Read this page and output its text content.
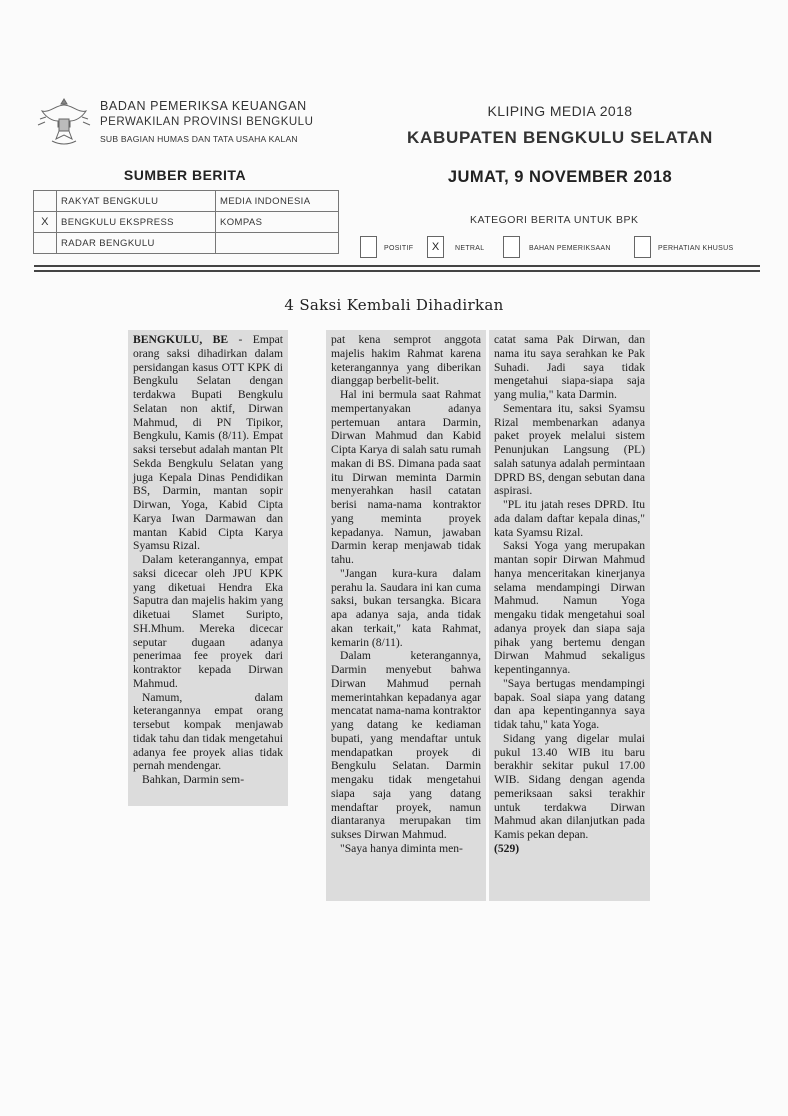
BADAN PEMERIKSA KEUANGAN
PERWAKILAN PROVINSI BENGKULU
SUB BAGIAN HUMAS DAN TATA USAHA KALAN
KLIPING MEDIA 2018
KABUPATEN BENGKULU SELATAN
JUMAT, 9 NOVEMBER 2018
SUMBER BERITA
	RAKYAT BENGKULU	MEDIA INDONESIA
X	BENGKULU EKSPRESS	KOMPAS
	RADAR BENGKULU	
KATEGORI BERITA UNTUK BPK
POSITIF	X	NETRAL	BAHAN PEMERIKSAAN	PERHATIAN KHUSUS
4 Saksi Kembali Dihadirkan

BENGKULU, BE - Empat orang saksi dihadirkan dalam persidangan kasus OTT KPK di Bengkulu Selatan dengan terdakwa Bupati Bengkulu Selatan non aktif, Dirwan Mahmud, di PN Tipikor, Bengkulu, Kamis (8/11). Empat saksi tersebut adalah mantan Plt Sekda Bengkulu Selatan yang juga Kepala Dinas Pendidikan BS, Darmin, mantan sopir Dirwan, Yoga, Kabid Cipta Karya Iwan Darmawan dan mantan Kabid Cipta Karya Syamsu Rizal.

Dalam keterangannya, empat saksi dicecar oleh JPU KPK yang diketuai Hendra Eka Saputra dan majelis hakim yang diketuai Slamet Suripto, SH.Mhum. Mereka dicecar seputar dugaan adanya penerimaa fee proyek dari kontraktor kepada Dirwan Mahmud.

Namum, dalam keterangannya empat orang tersebut kompak menjawab tidak tahu dan tidak mengetahui adanya fee proyek alias tidak pernah mendengar.

Bahkan, Darmin sem-

pat kena semprot anggota majelis hakim Rahmat karena keterangannya yang diberikan dianggap berbelit-belit.

Hal ini bermula saat Rahmat mempertanyakan adanya pertemuan antara Darmin, Dirwan Mahmud dan Kabid Cipta Karya di salah satu rumah makan di BS. Dimana pada saat itu Dirwan meminta Darmin menyerahkan hasil catatan berisi nama-nama kontraktor yang meminta proyek kepadanya. Namun, jawaban Darmin kerap menjawab tidak tahu.

"Jangan kura-kura dalam perahu la. Saudara ini kan cuma saksi, bukan tersangka. Bicara apa adanya saja, anda tidak akan terkait," kata Rahmat, kemarin (8/11).

Dalam keterangannya, Darmin menyebut bahwa Dirwan Mahmud pernah memerintahkan kepadanya agar mencatat nama-nama kontraktor yang datang ke kediaman bupati, yang mendaftar untuk mendapatkan proyek di Bengkulu Selatan. Darmin mengaku tidak mengetahui siapa saja yang datang mendaftar proyek, namun diantaranya merupakan tim sukses Dirwan Mahmud.

"Saya hanya diminta men-

catat sama Pak Dirwan, dan nama itu saya serahkan ke Pak Suhadi. Jadi saya tidak mengetahui siapa-siapa saja yang mulia," kata Darmin.

Sementara itu, saksi Syamsu Rizal membenarkan adanya paket proyek melalui sistem Penunjukan Langsung (PL) salah satunya adalah permintaan DPRD BS, dengan sebutan dana aspirasi.

"PL itu jatah reses DPRD. Itu ada dalam daftar kepala dinas," kata Syamsu Rizal.

Saksi Yoga yang merupakan mantan sopir Dirwan Mahmud hanya menceritakan kinerjanya selama mendampingi Dirwan Mahmud. Namun Yoga mengaku tidak mengetahui soal adanya proyek dan siapa saja pihak yang bertemu dengan Dirwan Mahmud sekaligus kepentingannya.

"Saya bertugas mendampingi bapak. Soal siapa yang datang dan apa kepentingannya saya tidak tahu," kata Yoga.

Sidang yang digelar mulai pukul 13.40 WIB itu baru berakhir sekitar pukul 17.00 WIB. Sidang dengan agenda pemeriksaan saksi terakhir untuk terdakwa Dirwan Mahmud akan dilanjutkan pada Kamis pekan depan.

(529)
